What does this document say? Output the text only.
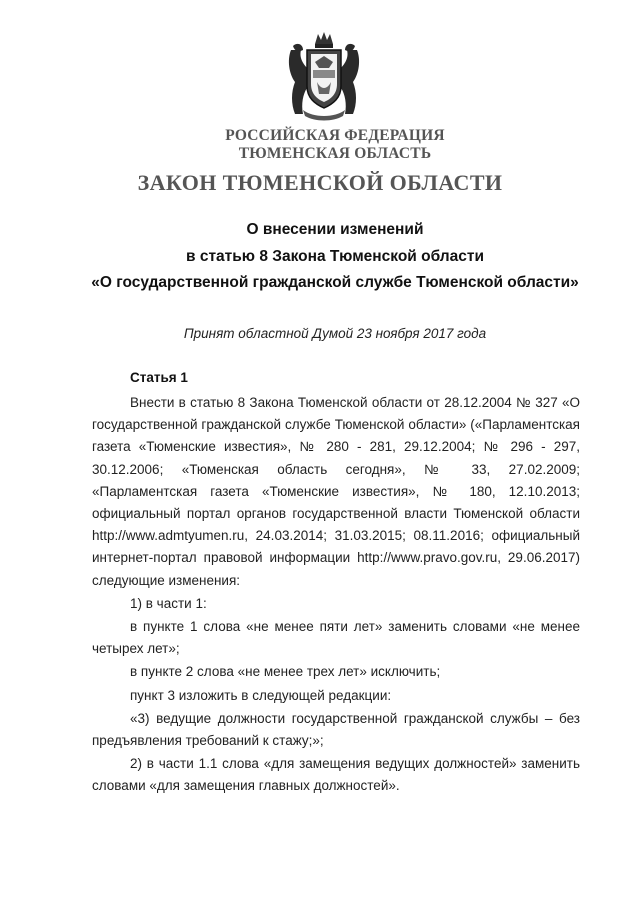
РОССИЙСКАЯ ФЕДЕРАЦИЯ
ТЮМЕНСКАЯ ОБЛАСТЬ
ЗАКОН ТЮМЕНСКОЙ ОБЛАСТИ
О внесении изменений
в статью 8 Закона Тюменской области
«О государственной гражданской службе Тюменской области»
Принят областной Думой 23 ноября 2017 года
Статья 1

Внести в статью 8 Закона Тюменской области от 28.12.2004 № 327 «О государственной гражданской службе Тюменской области» («Парламентская газета «Тюменские известия», № 280 - 281, 29.12.2004; № 296 - 297, 30.12.2006; «Тюменская область сегодня», № 33, 27.02.2009; «Парламентская газета «Тюменские известия», № 180, 12.10.2013; официальный портал органов государственной власти Тюменской области http://www.admtyumen.ru, 24.03.2014; 31.03.2015; 08.11.2016; официальный интернет-портал правовой информации http://www.pravo.gov.ru, 29.06.2017) следующие изменения:

1) в части 1:

в пункте 1 слова «не менее пяти лет» заменить словами «не менее четырех лет»;

в пункте 2 слова «не менее трех лет» исключить;

пункт 3 изложить в следующей редакции:

«3) ведущие должности государственной гражданской службы – без предъявления требований к стажу;»;

2) в части 1.1 слова «для замещения ведущих должностей» заменить словами «для замещения главных должностей».
